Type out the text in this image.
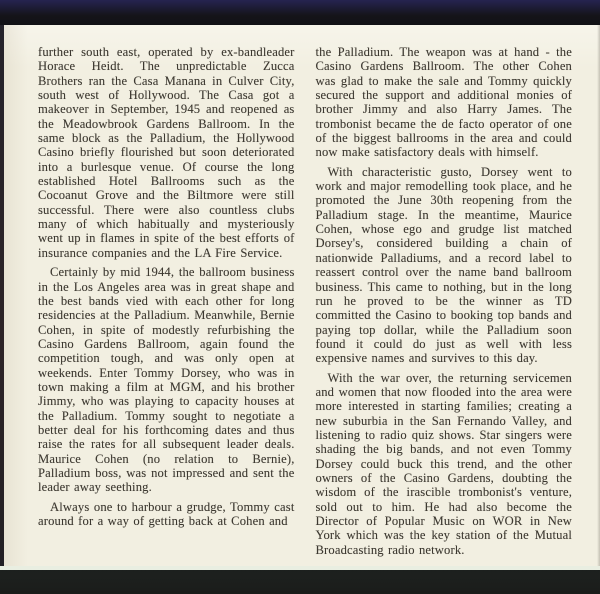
further south east, operated by ex-bandleader Horace Heidt. The unpredictable Zucca Brothers ran the Casa Manana in Culver City, south west of Hollywood. The Casa got a makeover in September, 1945 and reopened as the Meadowbrook Gardens Ballroom. In the same block as the Palladium, the Hollywood Casino briefly flourished but soon deteriorated into a burlesque venue. Of course the long established Hotel Ballrooms such as the Cocoanut Grove and the Biltmore were still successful. There were also countless clubs many of which habitually and mysteriously went up in flames in spite of the best efforts of insurance companies and the LA Fire Service.

Certainly by mid 1944, the ballroom business in the Los Angeles area was in great shape and the best bands vied with each other for long residencies at the Palladium. Meanwhile, Bernie Cohen, in spite of modestly refurbishing the Casino Gardens Ballroom, again found the competition tough, and was only open at weekends. Enter Tommy Dorsey, who was in town making a film at MGM, and his brother Jimmy, who was playing to capacity houses at the Palladium. Tommy sought to negotiate a better deal for his forthcoming dates and thus raise the rates for all subsequent leader deals. Maurice Cohen (no relation to Bernie), Palladium boss, was not impressed and sent the leader away seething.

Always one to harbour a grudge, Tommy cast around for a way of getting back at Cohen and

the Palladium. The weapon was at hand - the Casino Gardens Ballroom. The other Cohen was glad to make the sale and Tommy quickly secured the support and additional monies of brother Jimmy and also Harry James. The trombonist became the de facto operator of one of the biggest ballrooms in the area and could now make satisfactory deals with himself.

With characteristic gusto, Dorsey went to work and major remodelling took place, and he promoted the June 30th reopening from the Palladium stage. In the meantime, Maurice Cohen, whose ego and grudge list matched Dorsey's, considered building a chain of nationwide Palladiums, and a record label to reassert control over the name band ballroom business. This came to nothing, but in the long run he proved to be the winner as TD committed the Casino to booking top bands and paying top dollar, while the Palladium soon found it could do just as well with less expensive names and survives to this day.

With the war over, the returning servicemen and women that now flooded into the area were more interested in starting families; creating a new suburbia in the San Fernando Valley, and listening to radio quiz shows. Star singers were shading the big bands, and not even Tommy Dorsey could buck this trend, and the other owners of the Casino Gardens, doubting the wisdom of the irascible trombonist's venture, sold out to him. He had also become the Director of Popular Music on WOR in New York which was the key station of the Mutual Broadcasting radio network.
